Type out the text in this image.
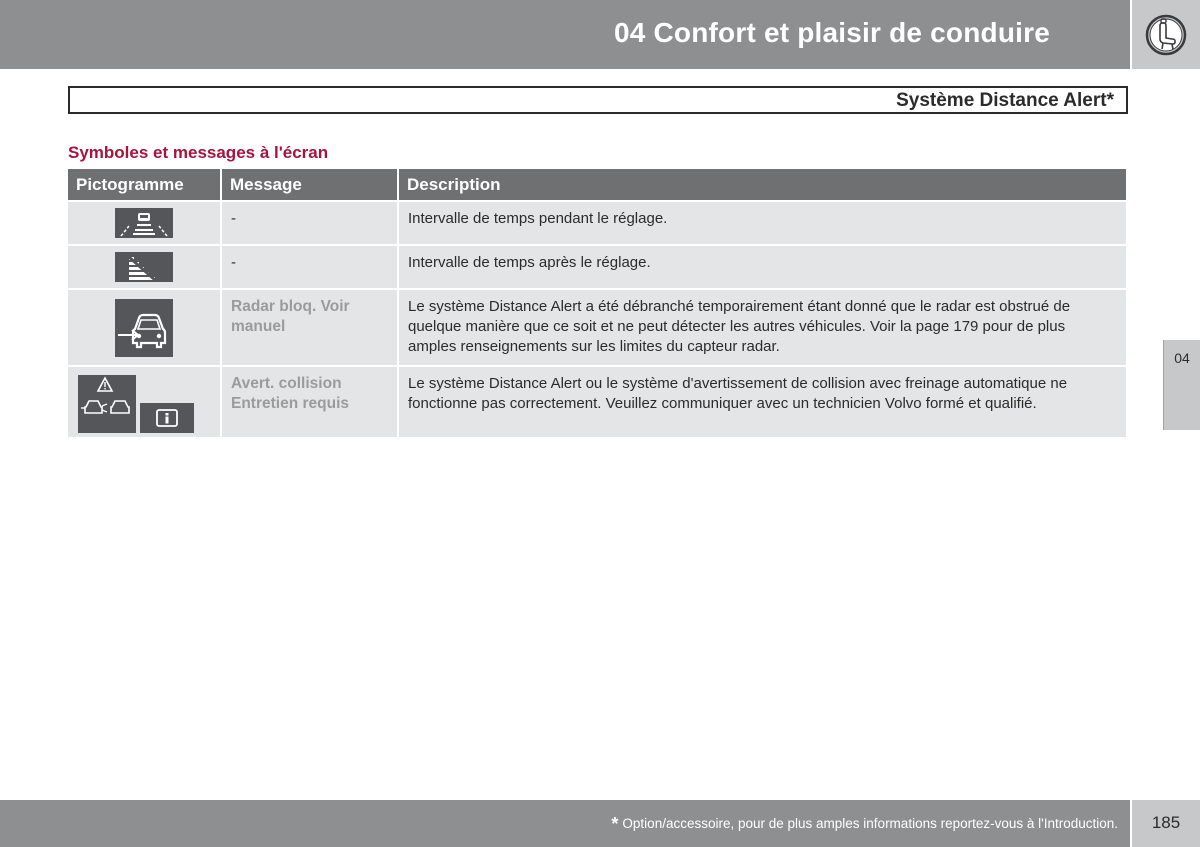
04 Confort et plaisir de conduire
Système Distance Alert*
Symboles et messages à l'écran
Pictogramme	Message	Description
	-	Intervalle de temps pendant le réglage.
	-	Intervalle de temps après le réglage.
	Radar bloq. Voir manuel	Le système Distance Alert a été débranché temporairement étant donné que le radar est obstrué de quelque manière que ce soit et ne peut détecter les autres véhicules. Voir la page 179 pour de plus amples renseignements sur les limites du capteur radar.

	Avert. collision Entretien requis	Le système Distance Alert ou le système d'avertissement de collision avec freinage automatique ne fonctionne pas correctement. Veuillez communiquer avec un technicien Volvo formé et qualifié.
04
* Option/accessoire, pour de plus amples informations reportez-vous à l'Introduction.	185
